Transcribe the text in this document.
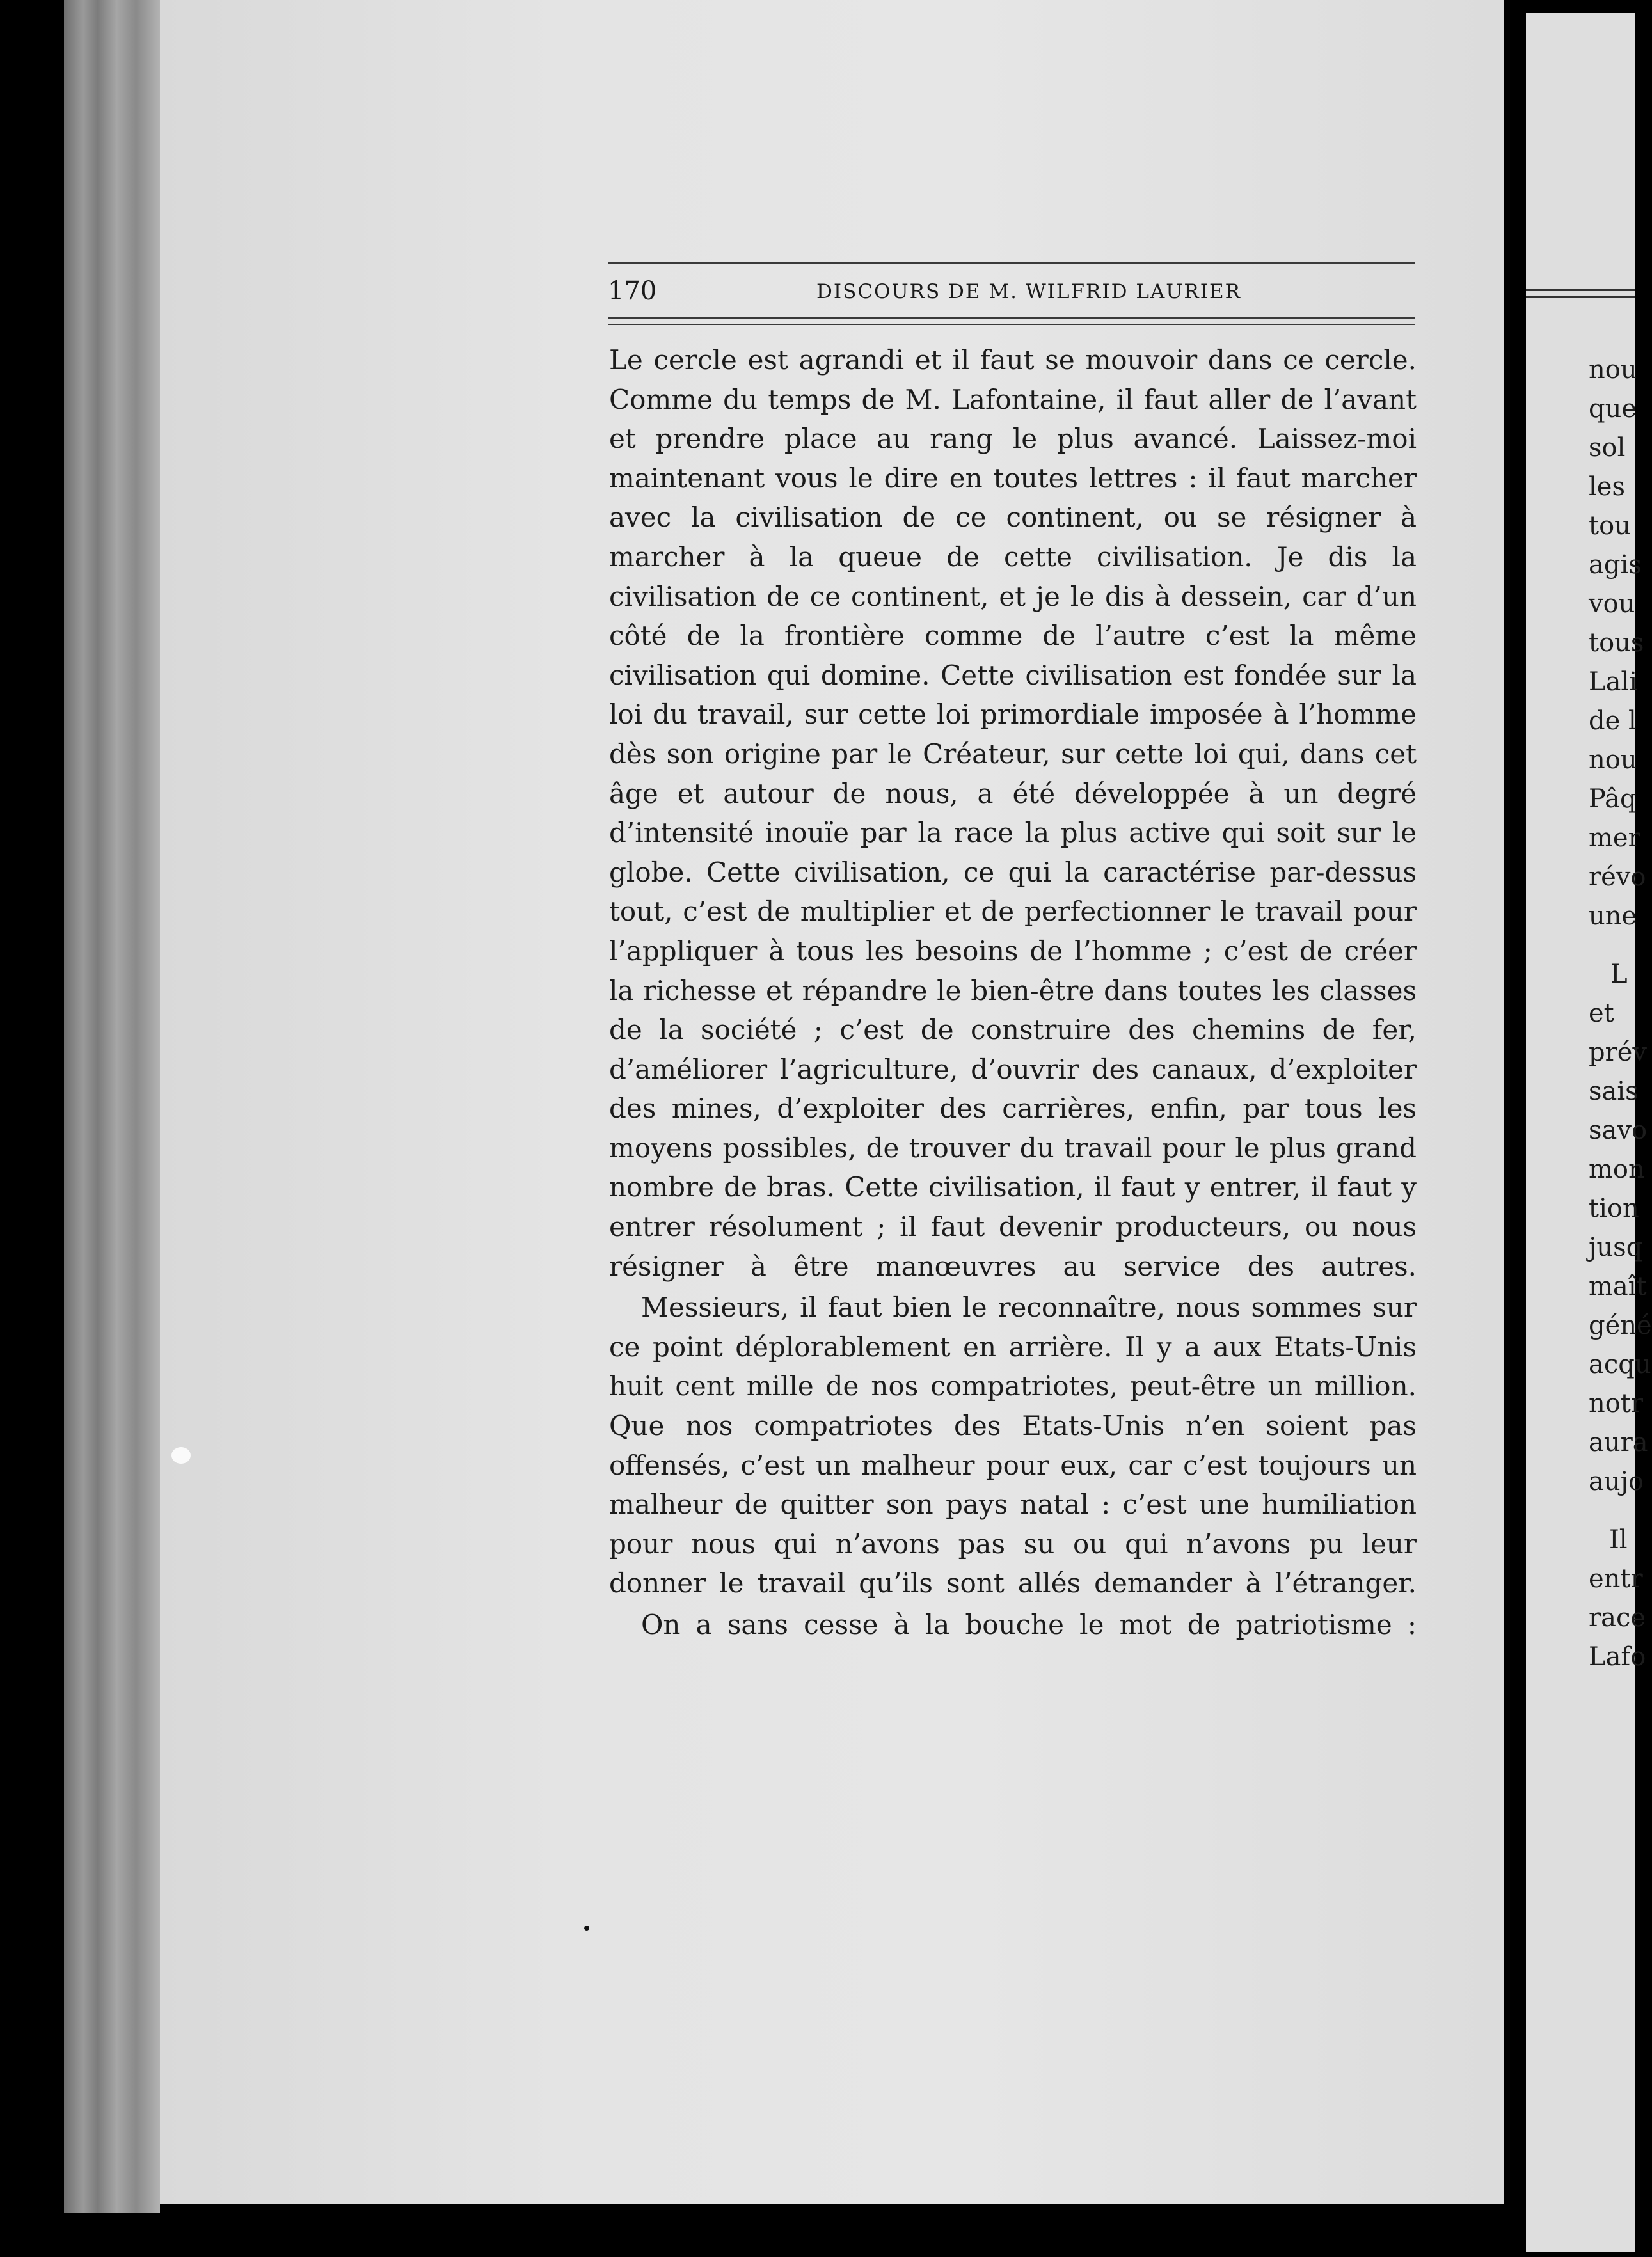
170	DISCOURS DE M. WILFRID LAURIER

Le cercle est agrandi et il faut se mouvoir dans ce cercle. Comme du temps de M. Lafontaine, il faut aller de l’avant et prendre place au rang le plus avancé. Laissez-moi maintenant vous le dire en toutes lettres : il faut marcher avec la civilisation de ce continent, ou se résigner à marcher à la queue de cette civilisation. Je dis la civilisation de ce continent, et je le dis à dessein, car d’un côté de la frontière comme de l’autre c’est la même civilisation qui domine. Cette civilisation est fondée sur la loi du travail, sur cette loi primordiale imposée à l’homme dès son origine par le Créateur, sur cette loi qui, dans cet âge et autour de nous, a été développée à un degré d’intensité inouïe par la race la plus active qui soit sur le globe. Cette civilisation, ce qui la caractérise par-dessus tout, c’est de multiplier et de perfectionner le travail pour l’appliquer à tous les besoins de l’homme ; c’est de créer la richesse et répandre le bien-être dans toutes les classes de la société ; c’est de construire des chemins de fer, d’améliorer l’agriculture, d’ouvrir des canaux, d’exploiter des mines, d’exploiter des carrières, enfin, par tous les moyens possibles, de trouver du travail pour le plus grand nombre de bras. Cette civilisation, il faut y entrer, il faut y entrer résolument ; il faut devenir producteurs, ou nous résigner à être manœuvres au service des autres.

Messieurs, il faut bien le reconnaître, nous sommes sur ce point déplorablement en arrière. Il y a aux Etats-Unis huit cent mille de nos compatriotes, peut-être un million. Que nos compatriotes des Etats-Unis n’en soient pas offensés, c’est un malheur pour eux, car c’est toujours un malheur de quitter son pays natal : c’est une humiliation pour nous qui n’avons pas su ou qui n’avons pu leur donner le travail qu’ils sont allés demander à l’étranger.

On a sans cesse à la bouche le mot de patriotisme :

nou
que
sol
les
tou
agis
vou
tous
Lali
de l
nou
Pâq
mer
révo
une
L
et
prév
sais
savo
mon
tion
jusq
maît
géné
acqu
notr
aura
aujo
Il
entr
race
Lafo
